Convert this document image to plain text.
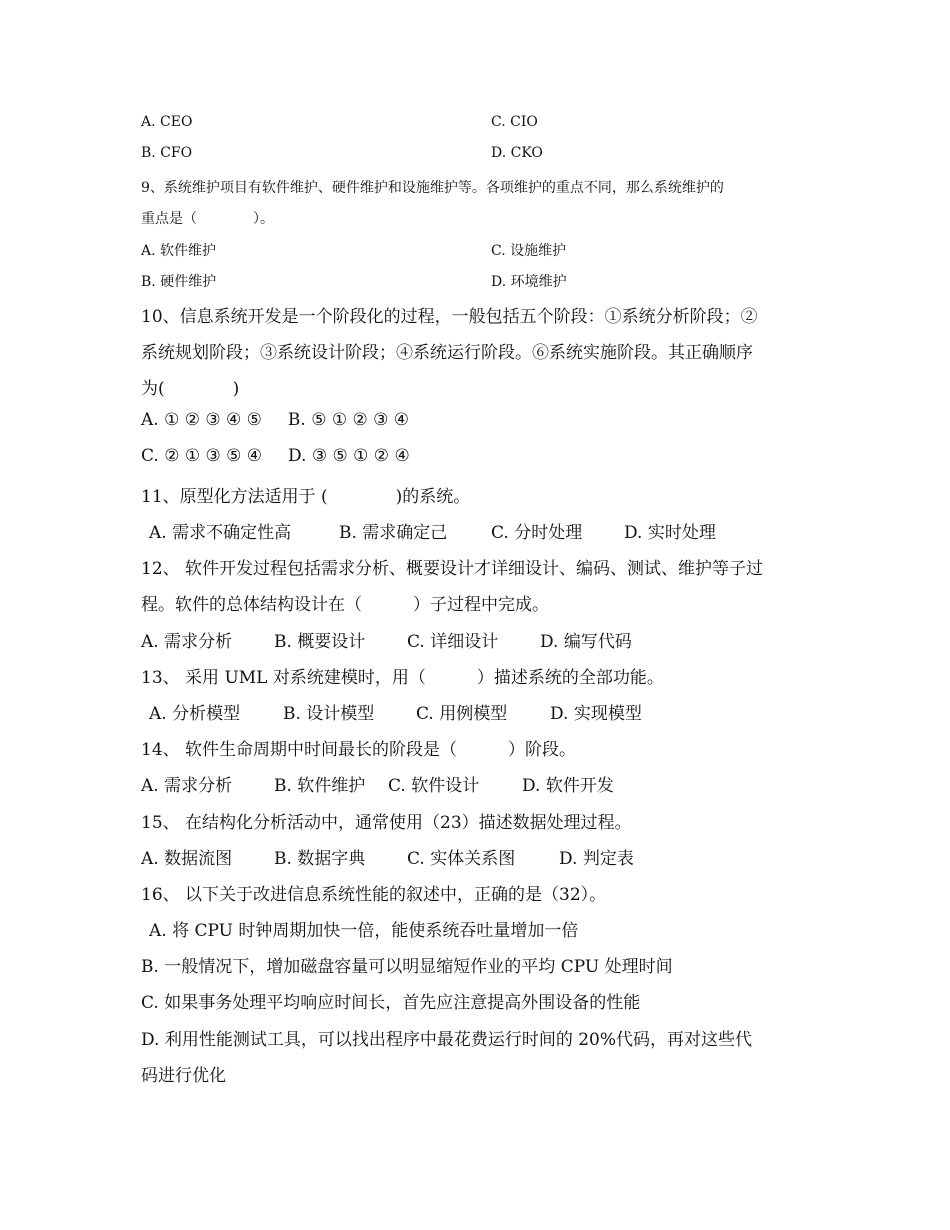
A. CEO	C. CIO
B. CFO	D. CKO
9、系统维护项目有软件维护、硬件维护和设施维护等。各项维护的重点不同，那么系统维护的
重点是（　　　　）。
A. 软件维护	C. 设施维护
B. 硬件维护	D. 环境维护
10、信息系统开发是一个阶段化的过程，一般包括五个阶段：①系统分析阶段；②
系统规划阶段；③系统设计阶段；④系统运行阶段。⑥系统实施阶段。其正确顺序
为(　　　　)
A. ① ② ③ ④ ⑤ B. ⑤ ① ② ③ ④
C. ② ① ③ ⑤ ④ D. ③ ⑤ ① ② ④
11、原型化方法适用于 (　　　　)的系统。
A. 需求不确定性高	B. 需求确定己	C. 分时处理 D. 实时处理
12、 软件开发过程包括需求分析、概要设计才详细设计、编码、测试、维护等子过
程。软件的总体结构设计在（　　　）子过程中完成。
A. 需求分析 B. 概要设计 C. 详细设计 D. 编写代码
13、 采用 UML 对系统建模时，用（　　　）描述系统的全部功能。
A. 分析模型	B. 设计模型 C. 用例模型	D. 实现模型
14、 软件生命周期中时间最长的阶段是（　　　）阶段。
A. 需求分析 B. 软件维护 C. 软件设计	D. 软件开发
15、 在结构化分析活动中，通常使用（23）描述数据处理过程。
A. 数据流图 B. 数据字典 C. 实体关系图	D. 判定表
16、 以下关于改进信息系统性能的叙述中，正确的是（32）。
A. 将 CPU 时钟周期加快一倍，能使系统吞吐量增加一倍
B. 一般情况下，增加磁盘容量可以明显缩短作业的平均 CPU 处理时间
C. 如果事务处理平均响应时间长，首先应注意提高外围设备的性能
D. 利用性能测试工具，可以找出程序中最花费运行时间的 20%代码，再对这些代
码进行优化
